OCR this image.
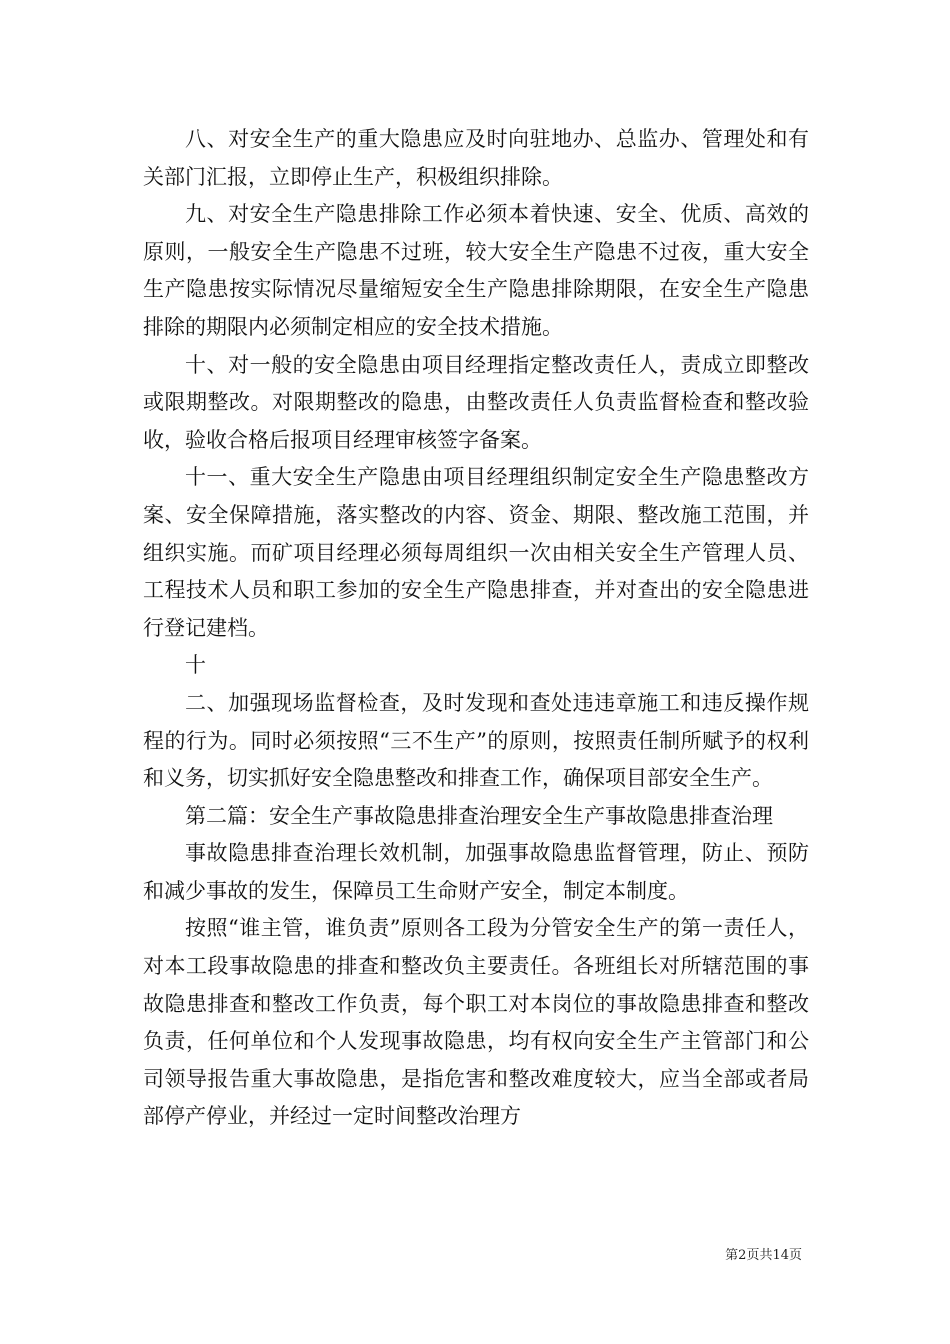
八、对安全生产的重大隐患应及时向驻地办、总监办、管理处和有关部门汇报，立即停止生产，积极组织排除。

九、对安全生产隐患排除工作必须本着快速、安全、优质、高效的原则，一般安全生产隐患不过班，较大安全生产隐患不过夜，重大安全生产隐患按实际情况尽量缩短安全生产隐患排除期限，在安全生产隐患排除的期限内必须制定相应的安全技术措施。

十、对一般的安全隐患由项目经理指定整改责任人，责成立即整改或限期整改。对限期整改的隐患，由整改责任人负责监督检查和整改验收，验收合格后报项目经理审核签字备案。

十一、重大安全生产隐患由项目经理组织制定安全生产隐患整改方案、安全保障措施，落实整改的内容、资金、期限、整改施工范围，并组织实施。而矿项目经理必须每周组织一次由相关安全生产管理人员、工程技术人员和职工参加的安全生产隐患排查，并对查出的安全隐患进行登记建档。

十

二、加强现场监督检查，及时发现和查处违违章施工和违反操作规程的行为。同时必须按照“三不生产”的原则，按照责任制所赋予的权利和义务，切实抓好安全隐患整改和排查工作，确保项目部安全生产。

第二篇：安全生产事故隐患排查治理安全生产事故隐患排查治理

事故隐患排查治理长效机制，加强事故隐患监督管理，防止、预防和减少事故的发生，保障员工生命财产安全，制定本制度。

按照“谁主管，谁负责”原则各工段为分管安全生产的第一责任人，对本工段事故隐患的排查和整改负主要责任。各班组长对所辖范围的事故隐患排查和整改工作负责，每个职工对本岗位的事故隐患排查和整改负责，任何单位和个人发现事故隐患，均有权向安全生产主管部门和公司领导报告重大事故隐患，是指危害和整改难度较大，应当全部或者局部停产停业，并经过一定时间整改治理方

第2页共14页
